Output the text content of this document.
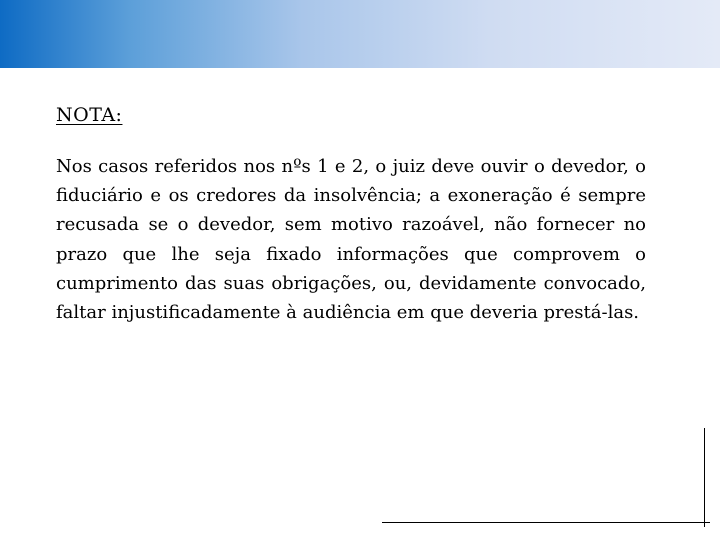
NOTA:

Nos casos referidos nos nºs 1 e 2, o juiz deve ouvir o devedor, o fiduciário e os credores da insolvência; a exoneração é sempre recusada se o devedor, sem motivo razoável, não fornecer no prazo que lhe seja fixado informações que comprovem o cumprimento das suas obrigações, ou, devidamente convocado, faltar injustificadamente à audiência em que deveria prestá-las.
